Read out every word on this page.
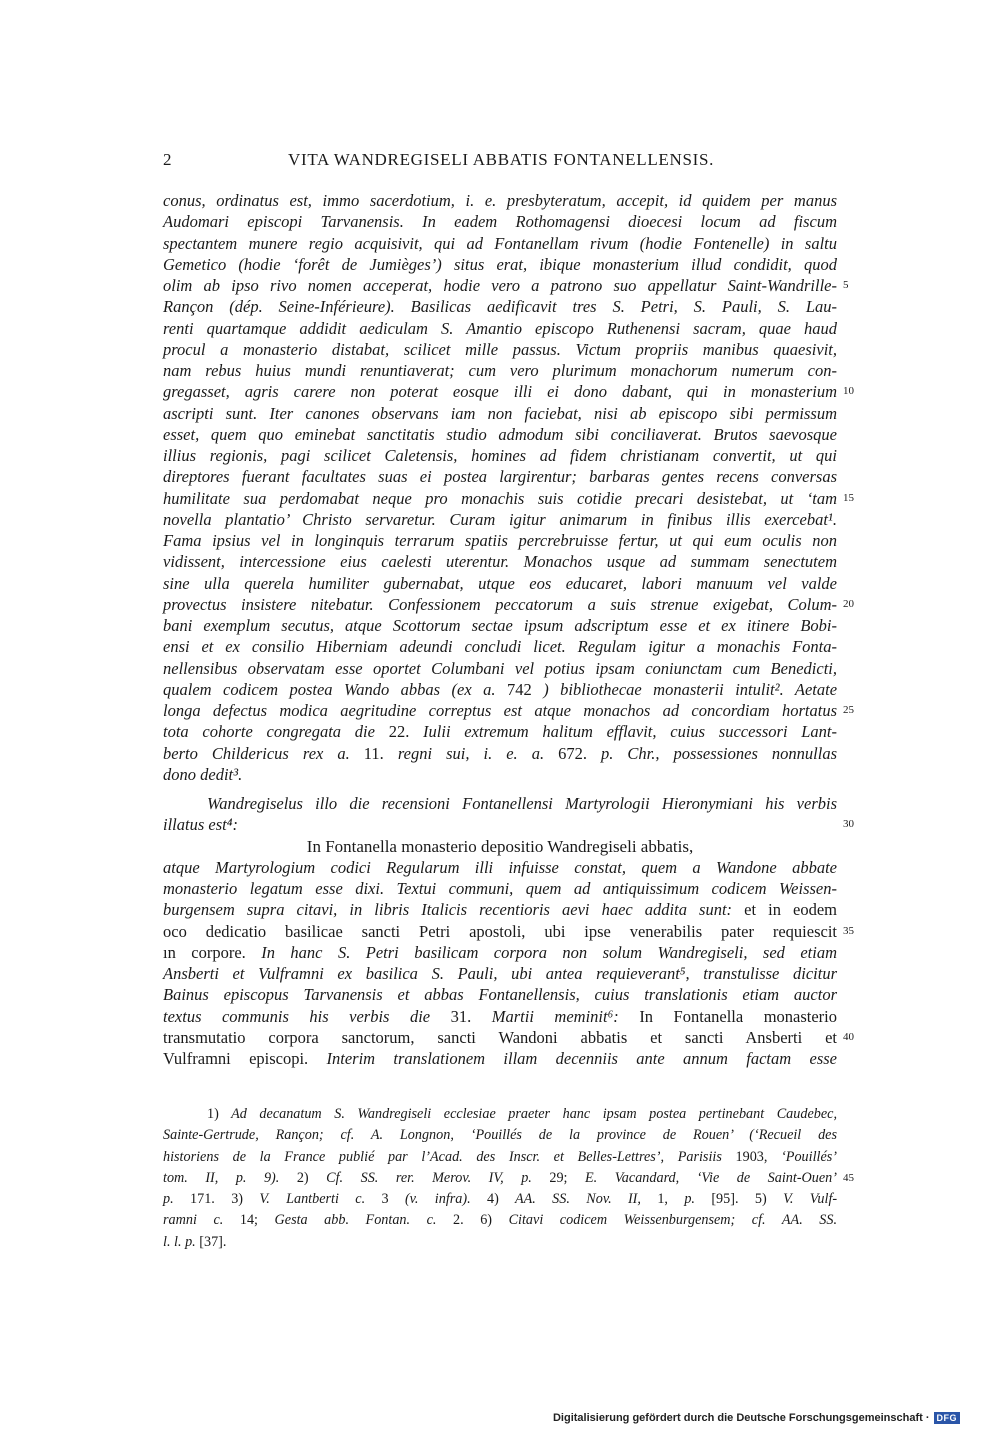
2	VITA WANDREGISELI ABBATIS FONTANELLENSIS.
conus, ordinatus est, immo sacerdotium, i. e. presbyteratum, accepit, id quidem per manus
Audomari episcopi Tarvanensis. In eadem Rothomagensi dioecesi locum ad fiscum
spectantem munere regio acquisivit, qui ad Fontanellam rivum (hodie Fontenelle) in saltu
Gemetico (hodie ‘forêt de Jumièges’) situs erat, ibique monasterium illud condidit, quod
olim ab ipso rivo nomen acceperat, hodie vero a patrono suo appellatur Saint-Wandrille- 5
Rançon (dép. Seine-Inférieure). Basilicas aedificavit tres S. Petri, S. Pauli, S. Lau-
renti quartamque addidit aediculam S. Amantio episcopo Ruthenensi sacram, quae haud
procul a monasterio distabat, scilicet mille passus. Victum propriis manibus quaesivit,
nam rebus huius mundi renuntiaverat; cum vero plurimum monachorum numerum con-
gregasset, agris carere non poterat eosque illi ei dono dabant, qui in monasterium 10
ascripti sunt. Iter canones observans iam non faciebat, nisi ab episcopo sibi permissum
esset, quem quo eminebat sanctitatis studio admodum sibi conciliaverat. Brutos saevosque
illius regionis, pagi scilicet Caletensis, homines ad fidem christianam convertit, ut qui
direptores fuerant facultates suas ei postea largirentur; barbaras gentes recens conversas
humilitate sua perdomabat neque pro monachis suis cotidie precari desistebat, ut ‘tam 15
novella plantatio’ Christo servaretur. Curam igitur animarum in finibus illis exercebat¹.
Fama ipsius vel in longinquis terrarum spatiis percrebruisse fertur, ut qui eum oculis non
vidissent, intercessione eius caelesti uterentur. Monachos usque ad summam senectutem
sine ulla querela humiliter gubernabat, utque eos educaret, labori manuum vel valde
provectus insistere nitebatur. Confessionem peccatorum a suis strenue exigebat, Colum- 20
bani exemplum secutus, atque Scottorum sectae ipsum adscriptum esse et ex itinere Bobi-
ensi et ex consilio Hiberniam adeundi concludi licet. Regulam igitur a monachis Fonta-
nellensibus observatam esse oportet Columbani vel potius ipsam coniunctam cum Benedicti,
qualem codicem postea Wando abbas (ex a. 742 ) bibliothecae monasterii intulit². Aetate
longa defectus modica aegritudine correptus est atque monachos ad concordiam hortatus 25
tota cohorte congregata die 22. Iulii extremum halitum efflavit, cuius successori Lant-
berto Childericus rex a. 11. regni sui, i. e. a. 672. p. Chr., possessiones nonnullas
dono dedit³.
Wandregiselus illo die recensioni Fontanellensi Martyrologii Hieronymiani his verbis
illatus est⁴:	30
In Fontanella monasterio depositio Wandregiseli abbatis,
atque Martyrologium codici Regularum illi infuisse constat, quem a Wandone abbate
monasterio legatum esse dixi. Textui communi, quem ad antiquissimum codicem Weissen-
burgensem supra citavi, in libris Italicis recentioris aevi haec addita sunt: et in eodem
oco dedicatio basilicae sancti Petri apostoli, ubi ipse venerabilis pater requiescit 35
ın corpore. In hanc S. Petri basilicam corpora non solum Wandregiseli, sed etiam
Ansberti et Vulframni ex basilica S. Pauli, ubi antea requieverant⁵, transtulisse dicitur
Bainus episcopus Tarvanensis et abbas Fontanellensis, cuius translationis etiam auctor
textus communis his verbis die 31. Martii meminit⁶: In Fontanella monasterio
transmutatio corpora sanctorum, sancti Wandoni abbatis et sancti Ansberti et 40
Vulframni episcopi. Interim translationem illam decenniis ante annum factam esse
1) Ad decanatum S. Wandregiseli ecclesiae praeter hanc ipsam postea pertinebant Caudebec,
Sainte-Gertrude, Rançon; cf. A. Longnon, ‘Pouillés de la province de Rouen’ (‘Recueil des
historiens de la France publié par l’Acad. des Inscr. et Belles-Lettres’, Parisiis 1903, ‘Pouillés’
tom. II, p. 9). 2) Cf. SS. rer. Merov. IV, p. 29; E. Vacandard, ‘Vie de Saint-Ouen’ 45
p. 171. 3) V. Lantberti c. 3 (v. infra). 4) AA. SS. Nov. II, 1, p. [95]. 5) V. Vulf-
ramni c. 14; Gesta abb. Fontan. c. 2. 6) Citavi codicem Weissenburgensem; cf. AA. SS.
l. l. p. [37].
Digitalisierung gefördert durch die Deutsche Forschungsgemeinschaft · DFG
